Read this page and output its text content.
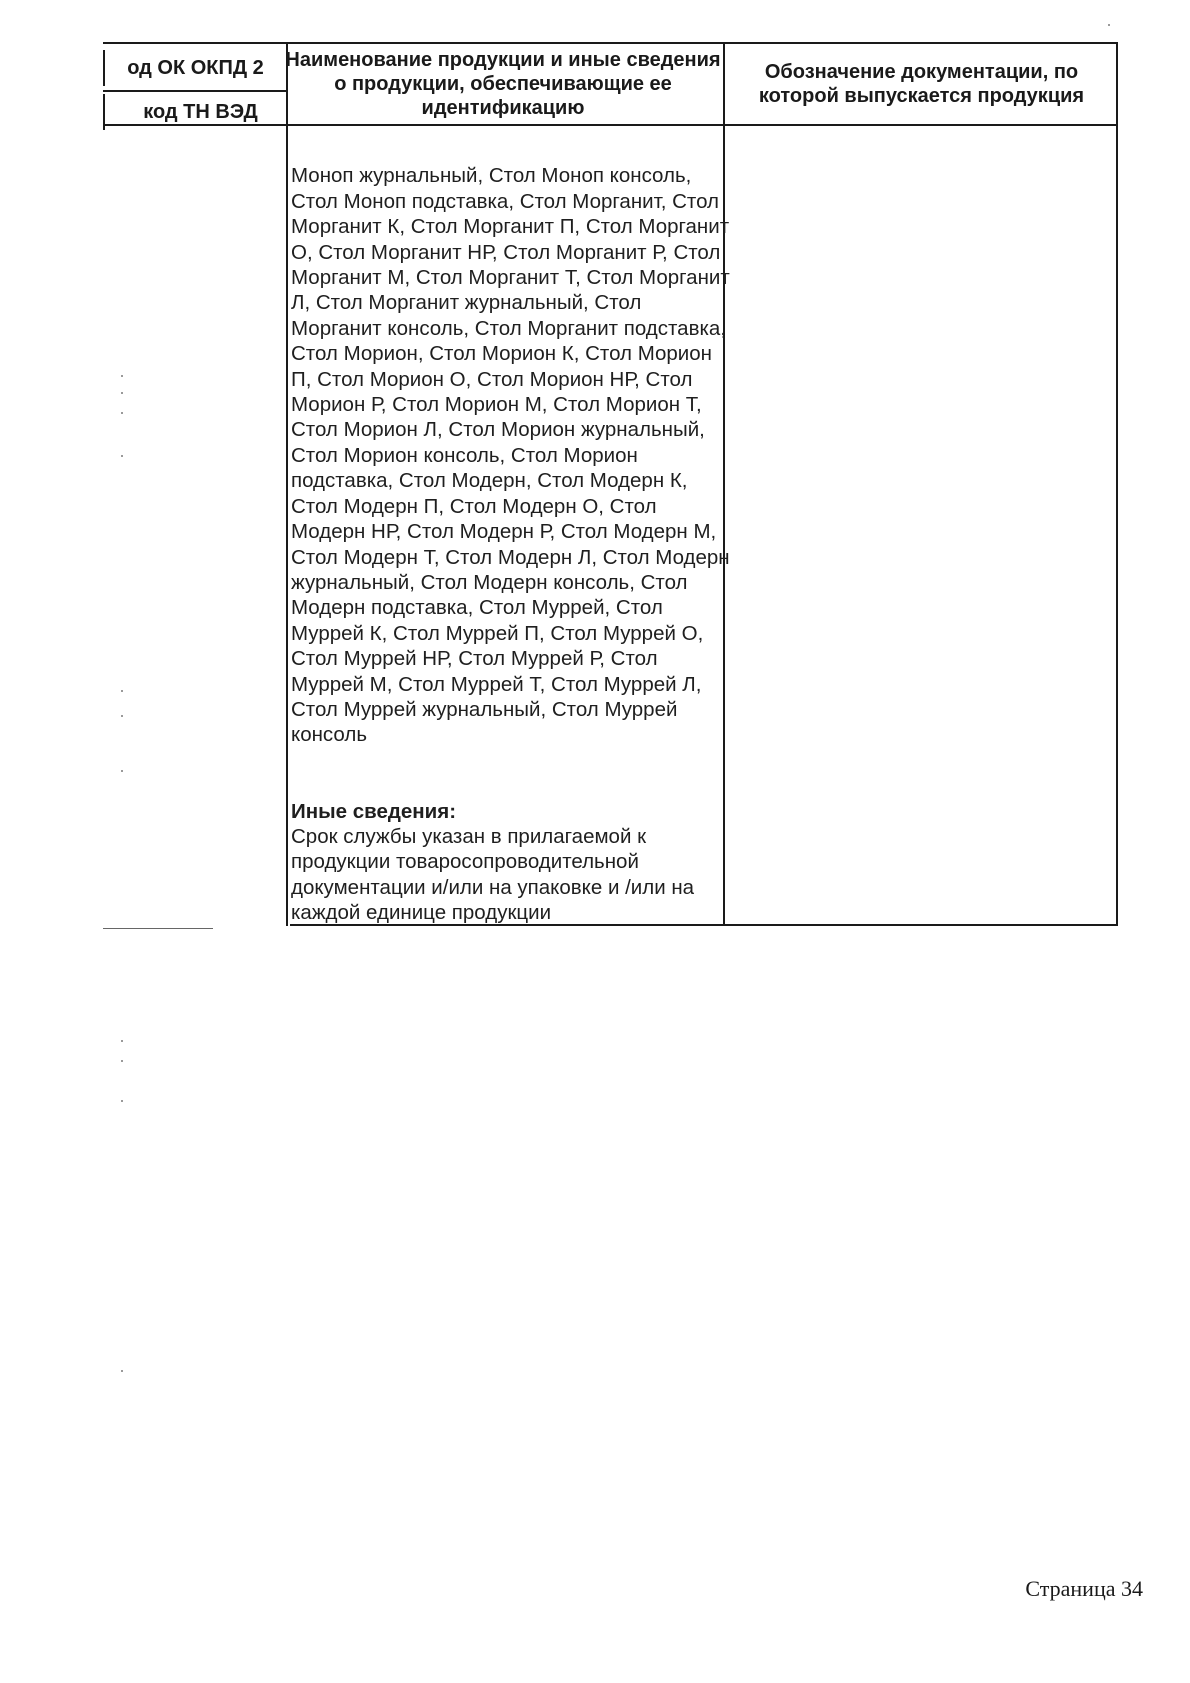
од ОК ОКПД 2
код ТН ВЭД
Наименование продукции и иные сведения о продукции, обеспечивающие ее идентификацию
Обозначение документации, по которой выпускается продукция

Моноп журнальный, Стол Моноп консоль, Стол Моноп подставка, Стол Морганит, Стол Морганит К, Стол Морганит П, Стол Морганит О, Стол Морганит НР, Стол Морганит Р, Стол Морганит М, Стол Морганит Т, Стол Морганит Л, Стол Морганит журнальный, Стол Морганит консоль, Стол Морганит подставка, Стол Морион, Стол Морион К, Стол Морион П, Стол Морион О, Стол Морион НР, Стол Морион Р, Стол Морион М, Стол Морион Т, Стол Морион Л, Стол Морион журнальный, Стол Морион консоль, Стол Морион подставка, Стол Модерн, Стол Модерн К, Стол Модерн П, Стол Модерн О, Стол Модерн НР, Стол Модерн Р, Стол Модерн М, Стол Модерн Т, Стол Модерн Л, Стол Модерн журнальный, Стол Модерн консоль, Стол Модерн подставка, Стол Муррей, Стол Муррей К, Стол Муррей П, Стол Муррей О, Стол Муррей НР, Стол Муррей Р, Стол Муррей М, Стол Муррей Т, Стол Муррей Л, Стол Муррей журнальный, Стол Муррей консоль

Иные сведения:
Срок службы указан в прилагаемой к продукции товаросопроводительной документации и/или на упаковке и /или на каждой единице продукции

Страница 34
